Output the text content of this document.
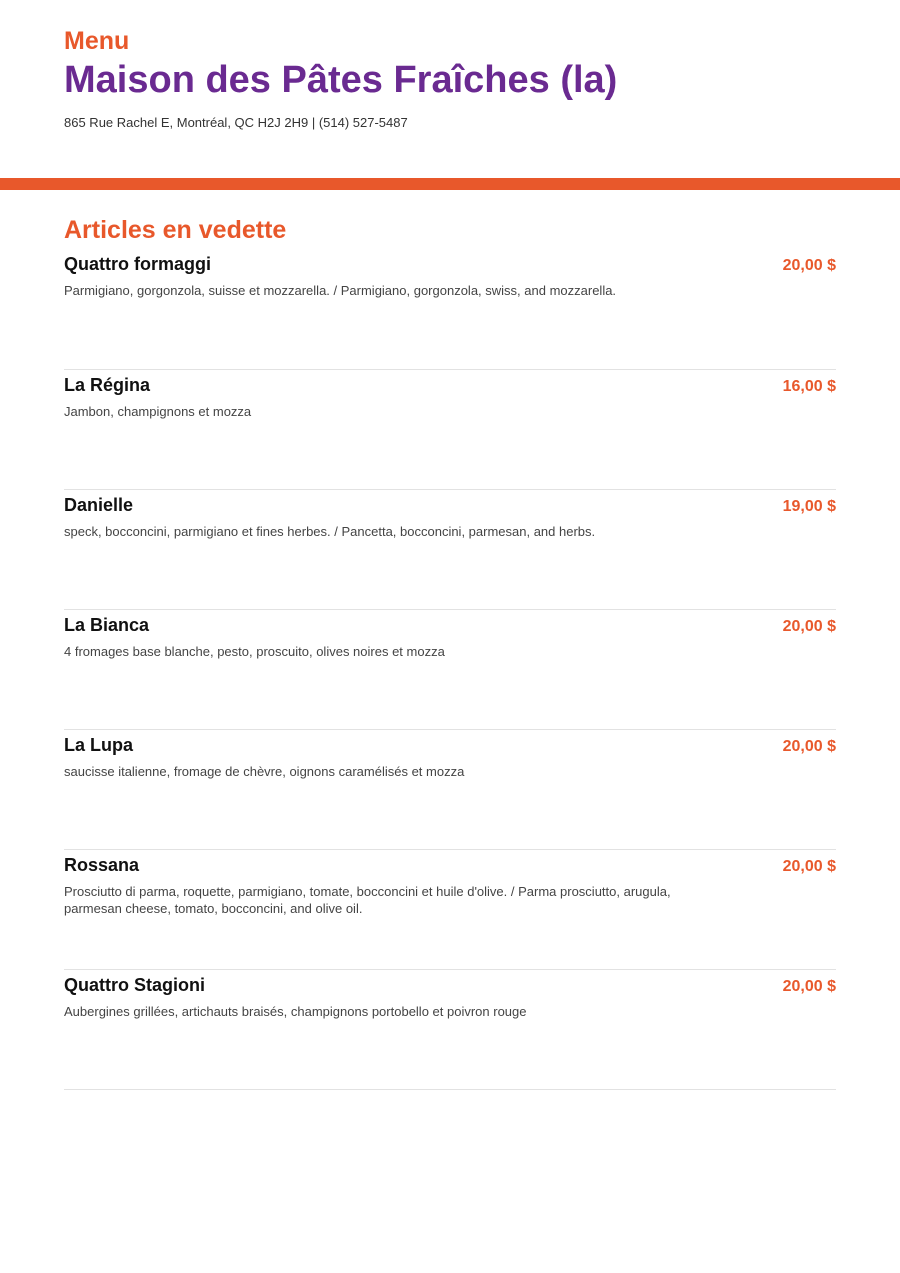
Menu
Maison des Pâtes Fraîches (la)
865 Rue Rachel E, Montréal, QC H2J 2H9 | (514) 527-5487
Articles en vedette
Quattro formaggi	20,00 $
Parmigiano, gorgonzola, suisse et mozzarella. / Parmigiano, gorgonzola, swiss, and mozzarella.
La Régina	16,00 $
Jambon, champignons et mozza
Danielle	19,00 $
speck, bocconcini, parmigiano et fines herbes. / Pancetta, bocconcini, parmesan, and herbs.
La Bianca	20,00 $
4 fromages base blanche, pesto, proscuito, olives noires et mozza
La Lupa	20,00 $
saucisse italienne, fromage de chèvre, oignons caramélisés et mozza
Rossana	20,00 $
Prosciutto di parma, roquette, parmigiano, tomate, bocconcini et huile d'olive. / Parma prosciutto, arugula, parmesan cheese, tomato, bocconcini, and olive oil.
Quattro Stagioni	20,00 $
Aubergines grillées, artichauts braisés, champignons portobello et poivron rouge
